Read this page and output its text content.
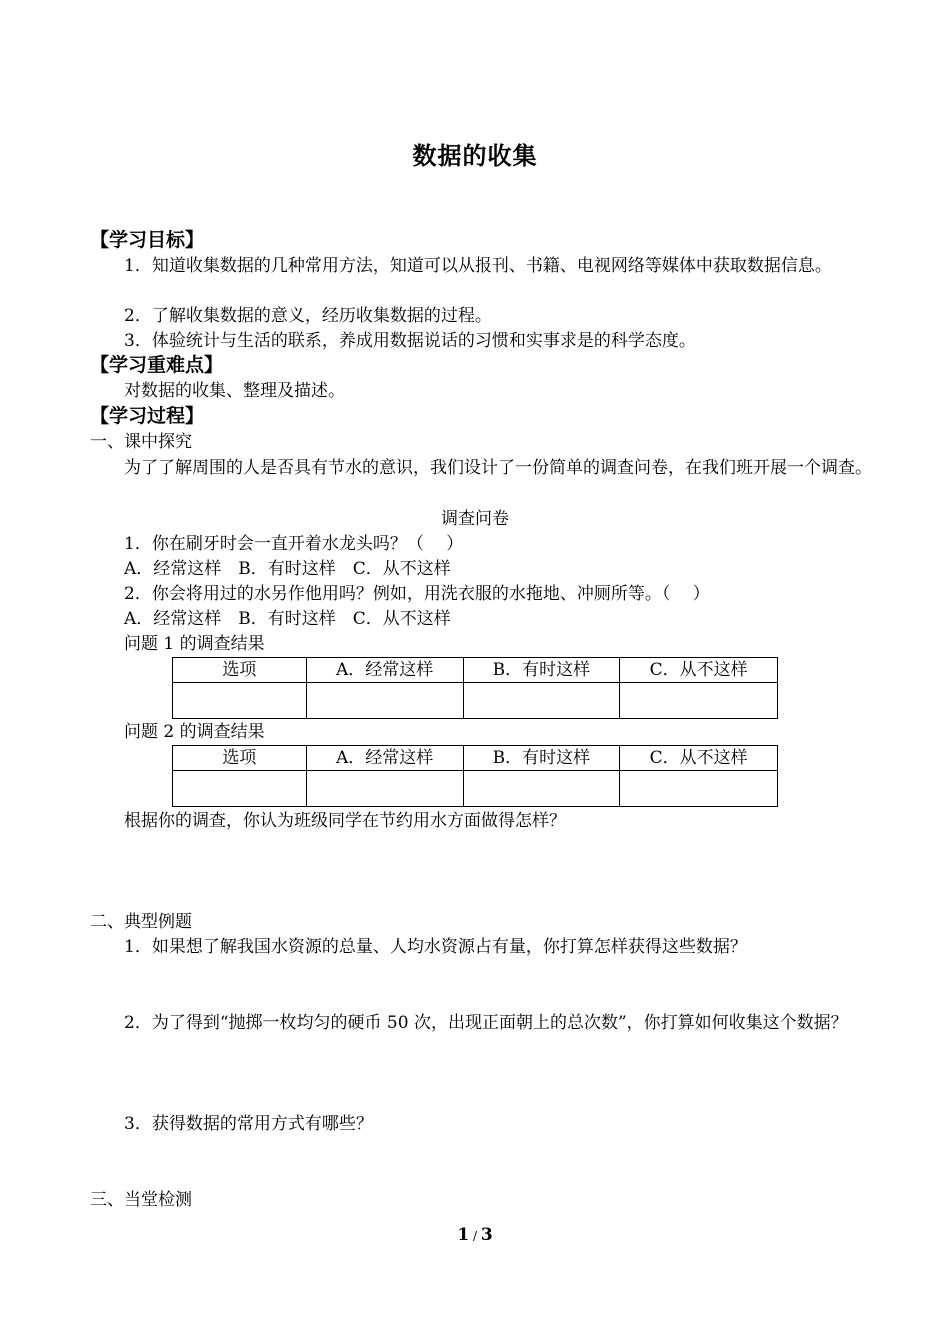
数据的收集
【学习目标】
1．知道收集数据的几种常用方法，知道可以从报刊、书籍、电视网络等媒体中获取数据信息。
2．了解收集数据的意义，经历收集数据的过程。
3．体验统计与生活的联系，养成用数据说话的习惯和实事求是的科学态度。
【学习重难点】
对数据的收集、整理及描述。
【学习过程】
一、课中探究
为了了解周围的人是否具有节水的意识，我们设计了一份简单的调查问卷，在我们班开展一个调查。
调查问卷
1．你在刷牙时会一直开着水龙头吗？（　 ）
A．经常这样　B．有时这样　C．从不这样
2．你会将用过的水另作他用吗？例如，用洗衣服的水拖地、冲厕所等。（　 ）
A．经常这样　B．有时这样　C．从不这样
问题 1 的调查结果
选项	A．经常这样	B．有时这样	C．从不这样

问题 2 的调查结果
选项	A．经常这样	B．有时这样	C．从不这样

根据你的调查，你认为班级同学在节约用水方面做得怎样？
二、典型例题
1．如果想了解我国水资源的总量、人均水资源占有量，你打算怎样获得这些数据？
2．为了得到“抛掷一枚均匀的硬币 50 次，出现正面朝上的总次数”，你打算如何收集这个数据？
3．获得数据的常用方式有哪些？
三、当堂检测
1 / 3
